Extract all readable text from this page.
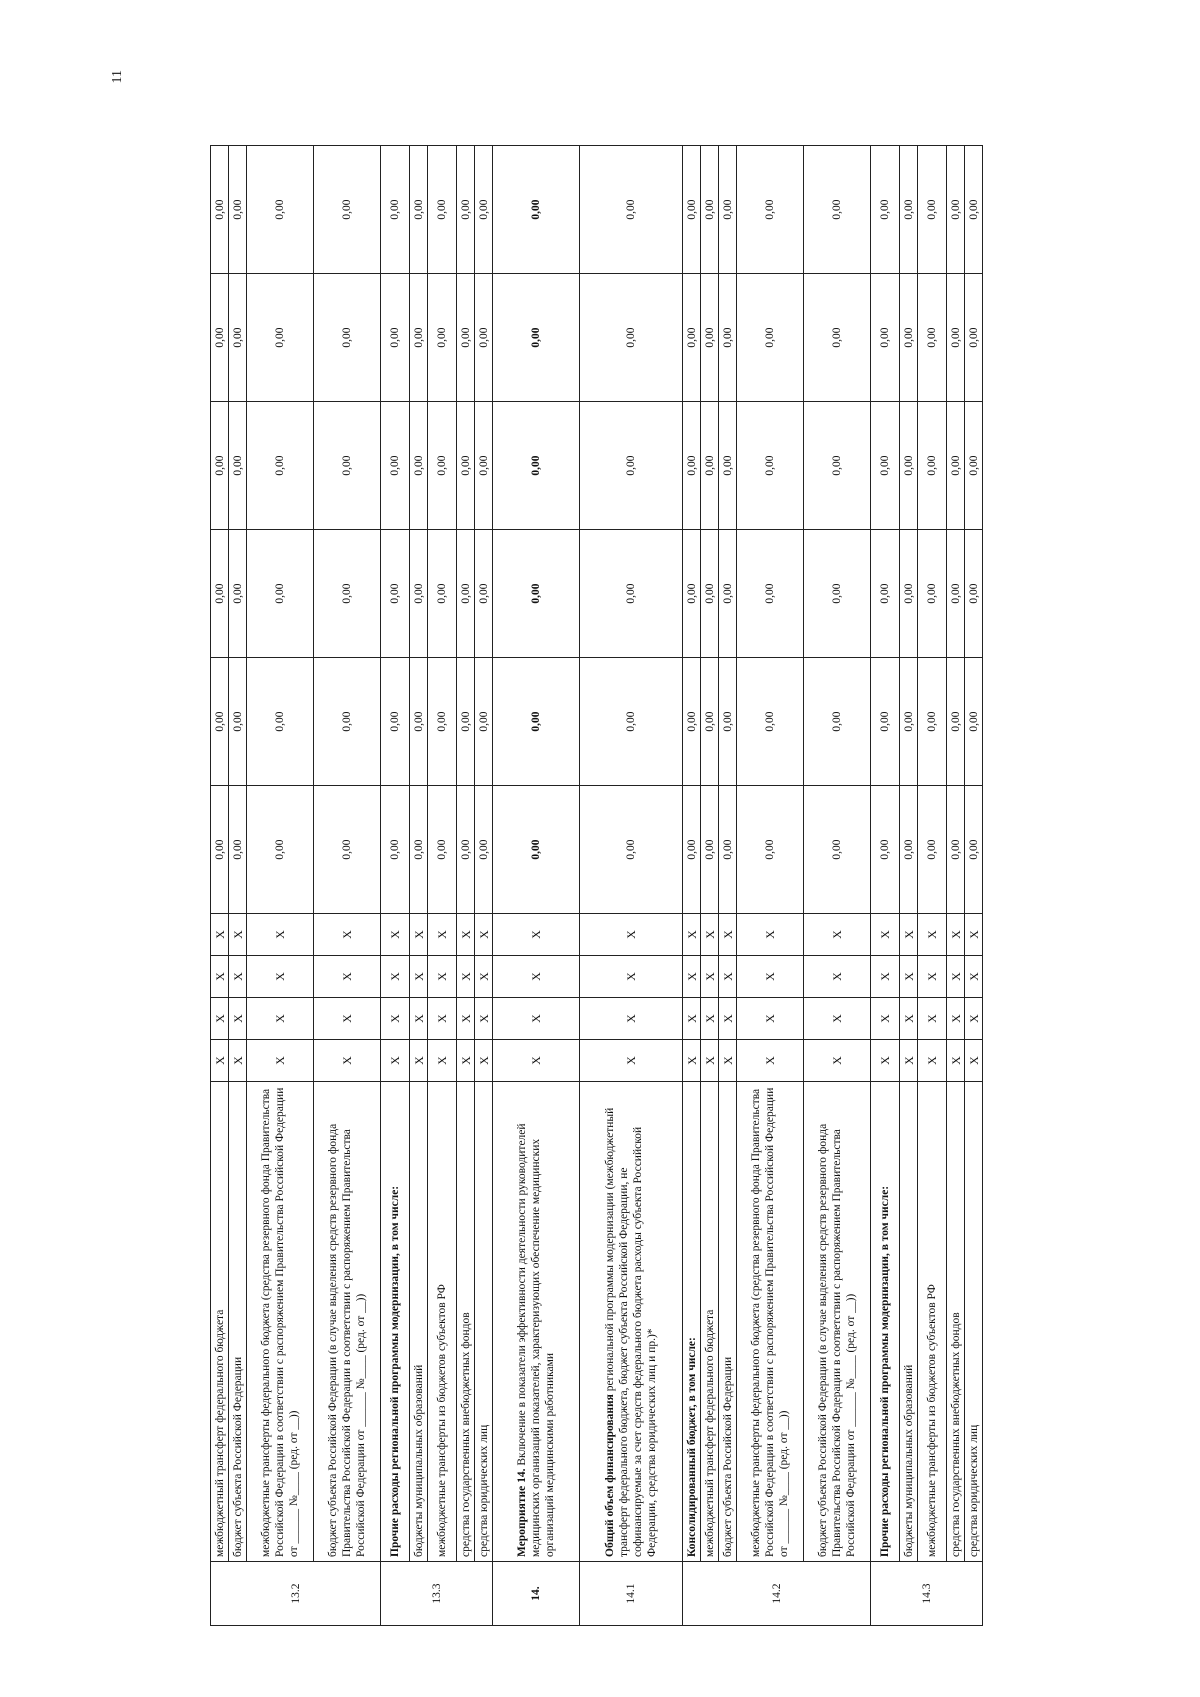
11
13.2	межбюджетный трансферт федерального бюджета	X	X	X	X	0,00	0,00	0,00	0,00	0,00	0,00
	бюджет субъекта Российской Федерации	X	X	X	X	0,00	0,00	0,00	0,00	0,00	0,00
	межбюджетные трансферты федерального бюджета (средства резервного фонда Правительства Российской Федерации в соответствии с распоряжением Правительства Российской Федерации от ______ №____ (ред. от __))	X	X	X	X	0,00	0,00	0,00	0,00	0,00	0,00
	бюджет субъекта Российской Федерации (в случае выделения средств резервного фонда Правительства Российской Федерации в соответствии с распоряжением Правительства Российской Федерации от ______ №____ (ред. от __))	X	X	X	X	0,00	0,00	0,00	0,00	0,00	0,00
13.3	Прочие расходы региональной программы модернизации, в том числе:	X	X	X	X	0,00	0,00	0,00	0,00	0,00	0,00
	бюджеты муниципальных образований	X	X	X	X	0,00	0,00	0,00	0,00	0,00	0,00
	межбюджетные трансферты из бюджетов субъектов РФ	X	X	X	X	0,00	0,00	0,00	0,00	0,00	0,00
	средства государственных внебюджетных фондов	X	X	X	X	0,00	0,00	0,00	0,00	0,00	0,00
	средства юридических лиц	X	X	X	X	0,00	0,00	0,00	0,00	0,00	0,00
14.	Мероприятие 14. Включение в показатели эффективности деятельности руководителей медицинских организаций показателей, характеризующих обеспечение медицинских организаций медицинскими работниками	X	X	X	X	0,00	0,00	0,00	0,00	0,00	0,00
14.1	Общий объем финансирования региональной программы модернизации (межбюджетный трансферт федерального бюджета, бюджет субъекта Российской Федерации, не софинансируемые за счет средств федерального бюджета расходы субъекта Российской Федерации, средства юридических лиц и пр.)*	X	X	X	X	0,00	0,00	0,00	0,00	0,00	0,00
14.2	Консолидированный бюджет, в том числе:	X	X	X	X	0,00	0,00	0,00	0,00	0,00	0,00
	межбюджетный трансферт федерального бюджета	X	X	X	X	0,00	0,00	0,00	0,00	0,00	0,00
	бюджет субъекта Российской Федерации	X	X	X	X	0,00	0,00	0,00	0,00	0,00	0,00
	межбюджетные трансферты федерального бюджета (средства резервного фонда Правительства Российской Федерации в соответствии с распоряжением Правительства Российской Федерации от ______ №____ (ред. от __))	X	X	X	X	0,00	0,00	0,00	0,00	0,00	0,00
	бюджет субъекта Российской Федерации (в случае выделения средств резервного фонда Правительства Российской Федерации в соответствии с распоряжением Правительства Российской Федерации от ______ №____ (ред. от __))	X	X	X	X	0,00	0,00	0,00	0,00	0,00	0,00
14.3	Прочие расходы региональной программы модернизации, в том числе:	X	X	X	X	0,00	0,00	0,00	0,00	0,00	0,00
	бюджеты муниципальных образований	X	X	X	X	0,00	0,00	0,00	0,00	0,00	0,00
	межбюджетные трансферты из бюджетов субъектов РФ	X	X	X	X	0,00	0,00	0,00	0,00	0,00	0,00
	средства государственных внебюджетных фондов	X	X	X	X	0,00	0,00	0,00	0,00	0,00	0,00
	средства юридических лиц	X	X	X	X	0,00	0,00	0,00	0,00	0,00	0,00
